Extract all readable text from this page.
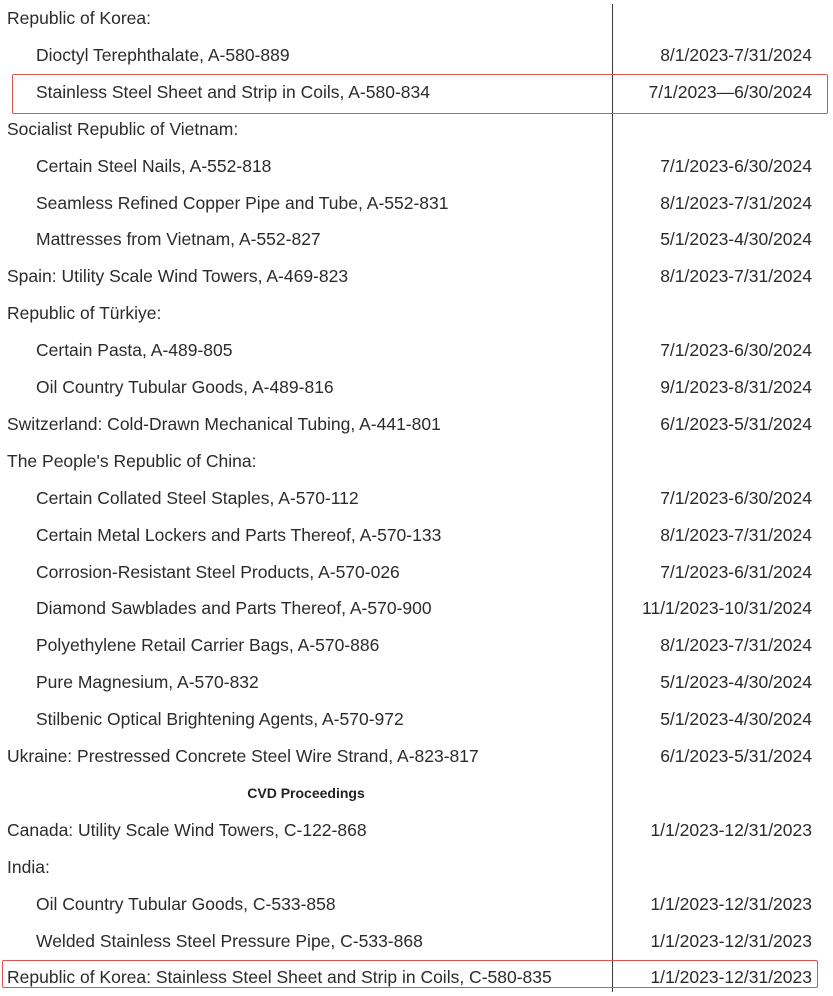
Republic of Korea:
Dioctyl Terephthalate, A-580-889	8/1/2023-7/31/2024
Stainless Steel Sheet and Strip in Coils, A-580-834	7/1/2023—6/30/2024
Socialist Republic of Vietnam:
Certain Steel Nails, A-552-818	7/1/2023-6/30/2024
Seamless Refined Copper Pipe and Tube, A-552-831	8/1/2023-7/31/2024
Mattresses from Vietnam, A-552-827	5/1/2023-4/30/2024
Spain: Utility Scale Wind Towers, A-469-823	8/1/2023-7/31/2024
Republic of Türkiye:
Certain Pasta, A-489-805	7/1/2023-6/30/2024
Oil Country Tubular Goods, A-489-816	9/1/2023-8/31/2024
Switzerland: Cold-Drawn Mechanical Tubing, A-441-801	6/1/2023-5/31/2024
The People's Republic of China:
Certain Collated Steel Staples, A-570-112	7/1/2023-6/30/2024
Certain Metal Lockers and Parts Thereof, A-570-133	8/1/2023-7/31/2024
Corrosion-Resistant Steel Products, A-570-026	7/1/2023-6/31/2024
Diamond Sawblades and Parts Thereof, A-570-900	11/1/2023-10/31/2024
Polyethylene Retail Carrier Bags, A-570-886	8/1/2023-7/31/2024
Pure Magnesium, A-570-832	5/1/2023-4/30/2024
Stilbenic Optical Brightening Agents, A-570-972	5/1/2023-4/30/2024
Ukraine: Prestressed Concrete Steel Wire Strand, A-823-817	6/1/2023-5/31/2024
CVD Proceedings
Canada: Utility Scale Wind Towers, C-122-868	1/1/2023-12/31/2023
India:
Oil Country Tubular Goods, C-533-858	1/1/2023-12/31/2023
Welded Stainless Steel Pressure Pipe, C-533-868	1/1/2023-12/31/2023
Republic of Korea: Stainless Steel Sheet and Strip in Coils, C-580-835	1/1/2023-12/31/2023
